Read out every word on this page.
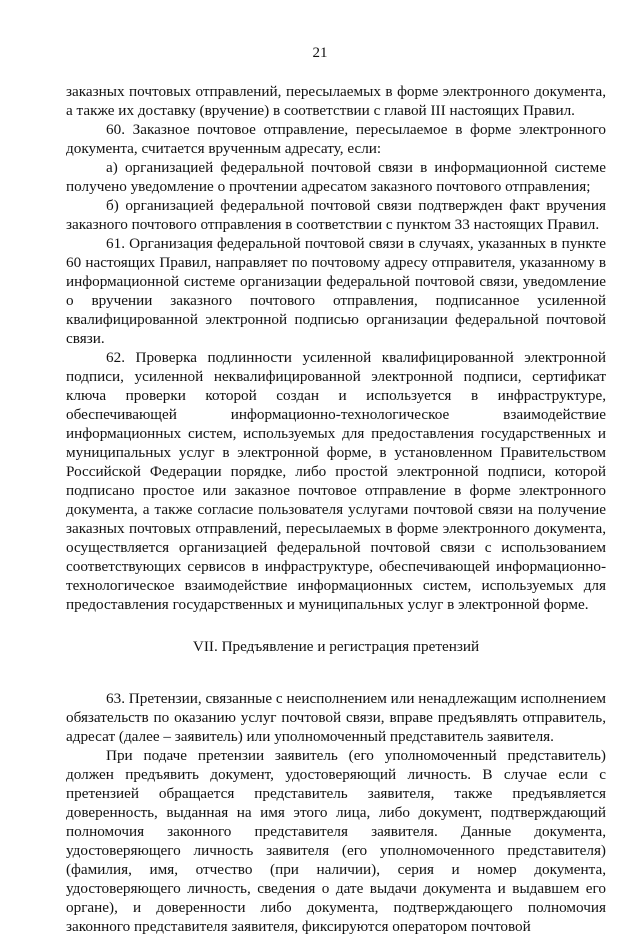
21

заказных почтовых отправлений, пересылаемых в форме электронного документа, а также их доставку (вручение) в соответствии с главой III настоящих Правил.

60. Заказное почтовое отправление, пересылаемое в форме электронного документа, считается врученным адресату, если:

а) организацией федеральной почтовой связи в информационной системе получено уведомление о прочтении адресатом заказного почтового отправления;

б) организацией федеральной почтовой связи подтвержден факт вручения заказного почтового отправления в соответствии с пунктом 33 настоящих Правил.

61. Организация федеральной почтовой связи в случаях, указанных в пункте 60 настоящих Правил, направляет по почтовому адресу отправителя, указанному в информационной системе организации федеральной почтовой связи, уведомление о вручении заказного почтового отправления, подписанное усиленной квалифицированной электронной подписью организации федеральной почтовой связи.

62. Проверка подлинности усиленной квалифицированной электронной подписи, усиленной неквалифицированной электронной подписи, сертификат ключа проверки которой создан и используется в инфраструктуре, обеспечивающей информационно-технологическое взаимодействие информационных систем, используемых для предоставления государственных и муниципальных услуг в электронной форме, в установленном Правительством Российской Федерации порядке, либо простой электронной подписи, которой подписано простое или заказное почтовое отправление в форме электронного документа, а также согласие пользователя услугами почтовой связи на получение заказных почтовых отправлений, пересылаемых в форме электронного документа, осуществляется организацией федеральной почтовой связи с использованием соответствующих сервисов в инфраструктуре, обеспечивающей информационно-технологическое взаимодействие информационных систем, используемых для предоставления государственных и муниципальных услуг в электронной форме.

VII. Предъявление и регистрация претензий

63. Претензии, связанные с неисполнением или ненадлежащим исполнением обязательств по оказанию услуг почтовой связи, вправе предъявлять отправитель, адресат (далее – заявитель) или уполномоченный представитель заявителя.

При подаче претензии заявитель (его уполномоченный представитель) должен предъявить документ, удостоверяющий личность. В случае если с претензией обращается представитель заявителя, также предъявляется доверенность, выданная на имя этого лица, либо документ, подтверждающий полномочия законного представителя заявителя. Данные документа, удостоверяющего личность заявителя (его уполномоченного представителя) (фамилия, имя, отчество (при наличии), серия и номер документа, удостоверяющего личность, сведения о дате выдачи документа и выдавшем его органе), и доверенности либо документа, подтверждающего полномочия законного представителя заявителя, фиксируются оператором почтовой
